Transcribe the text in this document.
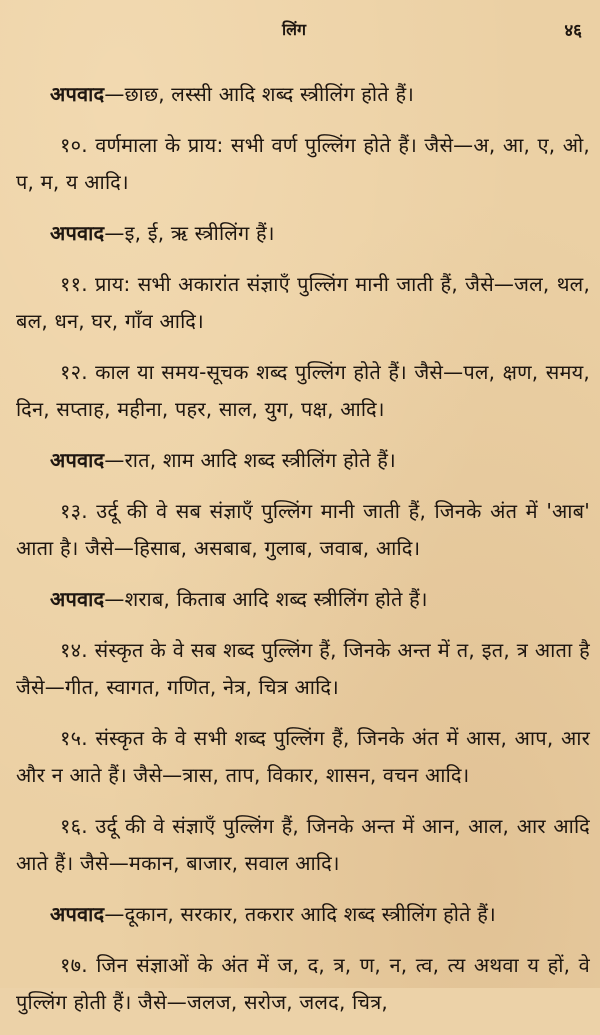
लिंग	४६

अपवाद—छाछ, लस्सी आदि शब्द स्त्रीलिंग होते हैं।

१०. वर्णमाला के प्राय: सभी वर्ण पुल्लिंग होते हैं। जैसे—अ, आ, ए, ओ, प, म, य आदि।

अपवाद—इ, ई, ऋ स्त्रीलिंग हैं।

११. प्राय: सभी अकारांत संज्ञाएँ पुल्लिंग मानी जाती हैं, जैसे—जल, थल, बल, धन, घर, गाँव आदि।

१२. काल या समय-सूचक शब्द पुल्लिंग होते हैं। जैसे—पल, क्षण, समय, दिन, सप्ताह, महीना, पहर, साल, युग, पक्ष, आदि।

अपवाद—रात, शाम आदि शब्द स्त्रीलिंग होते हैं।

१३. उर्दू की वे सब संज्ञाएँ पुल्लिंग मानी जाती हैं, जिनके अंत में 'आब' आता है। जैसे—हिसाब, असबाब, गुलाब, जवाब, आदि।

अपवाद—शराब, किताब आदि शब्द स्त्रीलिंग होते हैं।

१४. संस्कृत के वे सब शब्द पुल्लिंग हैं, जिनके अन्त में त, इत, त्र आता है जैसे—गीत, स्वागत, गणित, नेत्र, चित्र आदि।

१५. संस्कृत के वे सभी शब्द पुल्लिंग हैं, जिनके अंत में आस, आप, आर और न आते हैं। जैसे—त्रास, ताप, विकार, शासन, वचन आदि।

१६. उर्दू की वे संज्ञाएँ पुल्लिंग हैं, जिनके अन्त में आन, आल, आर आदि आते हैं। जैसे—मकान, बाजार, सवाल आदि।

अपवाद—दूकान, सरकार, तकरार आदि शब्द स्त्रीलिंग होते हैं।

१७. जिन संज्ञाओं के अंत में ज, द, त्र, ण, न, त्व, त्य अथवा य हों, वे पुल्लिंग होती हैं। जैसे—जलज, सरोज, जलद, चित्र,
